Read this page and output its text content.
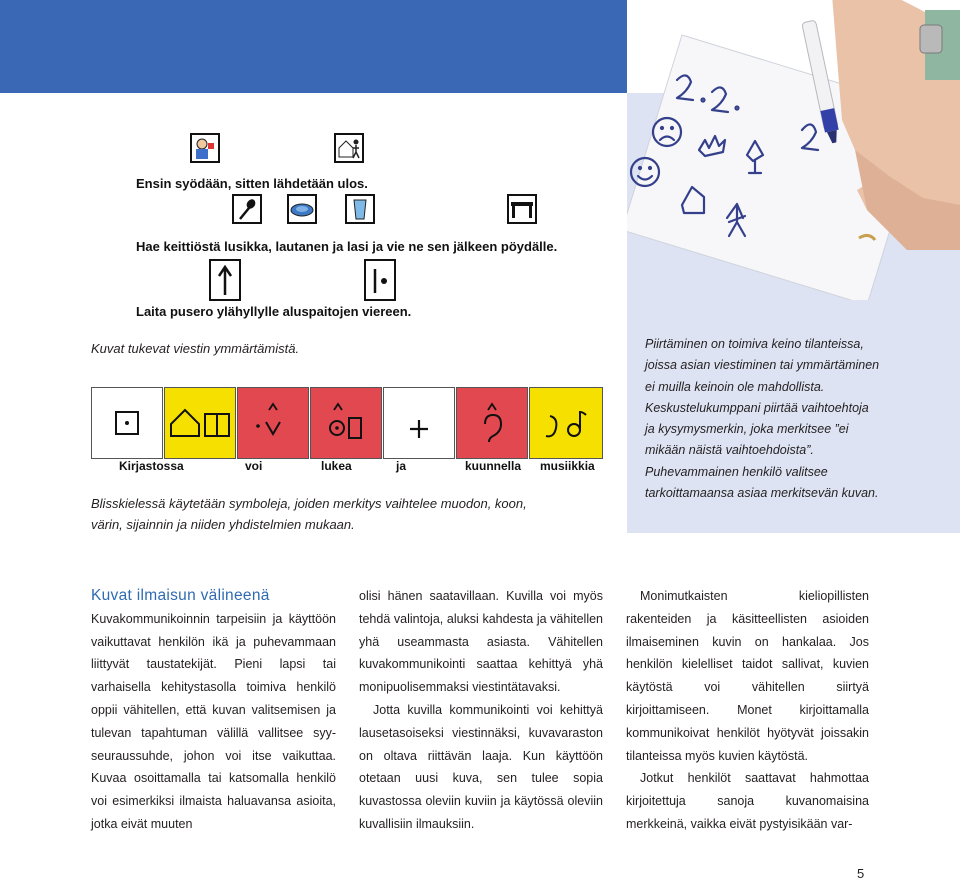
Ensin syödään, sitten lähdetään ulos.
Hae keittiöstä lusikka, lautanen ja lasi ja vie ne sen jälkeen pöydälle.
Laita pusero ylähyllylle aluspaitojen viereen.

Kuvat tukevat viestin ymmärtämistä.	Piirtäminen on toimiva keino tilanteissa, joissa asian viestiminen tai ymmärtäminen ei muilla keinoin ole mahdollista. Keskustelukumppani piirtää vaihtoehtoja ja kysymysmerkin, joka merkitsee ”ei mikään näistä vaihtoehdoista”. Puhevammainen henkilö valitsee tarkoittamaansa asiaa merkitsevän kuvan.

Kirjastossa	voi	lukea	ja	kuunnella musiikkia

Blisskielessä käytetään symboleja, joiden merkitys vaihtelee muodon, koon, värin, sijainnin ja niiden yhdistelmien mukaan.

Kuvat ilmaisun välineenä

Kuvakommunikoinnin tarpeisiin ja käyttöön vaikuttavat henkilön ikä ja puhevammaan liittyvät taustatekijät. Pieni lapsi tai varhaisella kehitystasolla toimiva henkilö oppii vähitellen, että kuvan valitsemisen ja tulevan tapahtuman välillä vallitsee syy-seuraussuhde, johon voi itse vaikuttaa. Kuvaa osoittamalla tai katsomalla henkilö voi esimerkiksi ilmaista haluavansa asioita, jotka eivät muuten

olisi hänen saatavillaan. Kuvilla voi myös tehdä valintoja, aluksi kahdesta ja vähitellen yhä useammasta asiasta. Vähitellen kuvakommunikointi saattaa kehittyä yhä monipuolisemmaksi viestintätavaksi.

Jotta kuvilla kommunikointi voi kehittyä lausetasoiseksi viestinnäksi, kuvavaraston on oltava riittävän laaja. Kun käyttöön otetaan uusi kuva, sen tulee sopia kuvastossa oleviin kuviin ja käytössä oleviin kuvallisiin ilmauksiin.

Monimutkaisten kieliopillisten rakenteiden ja käsitteellisten asioiden ilmaiseminen kuvin on hankalaa. Jos henkilön kielelliset taidot sallivat, kuvien käytöstä voi vähitellen siirtyä kirjoittamiseen. Monet kirjoittamalla kommunikoivat henkilöt hyötyvät joissakin tilanteissa myös kuvien käytöstä.

Jotkut henkilöt saattavat hahmottaa kirjoitettuja sanoja kuvanomaisina merkkeinä, vaikka eivät pystyisikään var-

5
